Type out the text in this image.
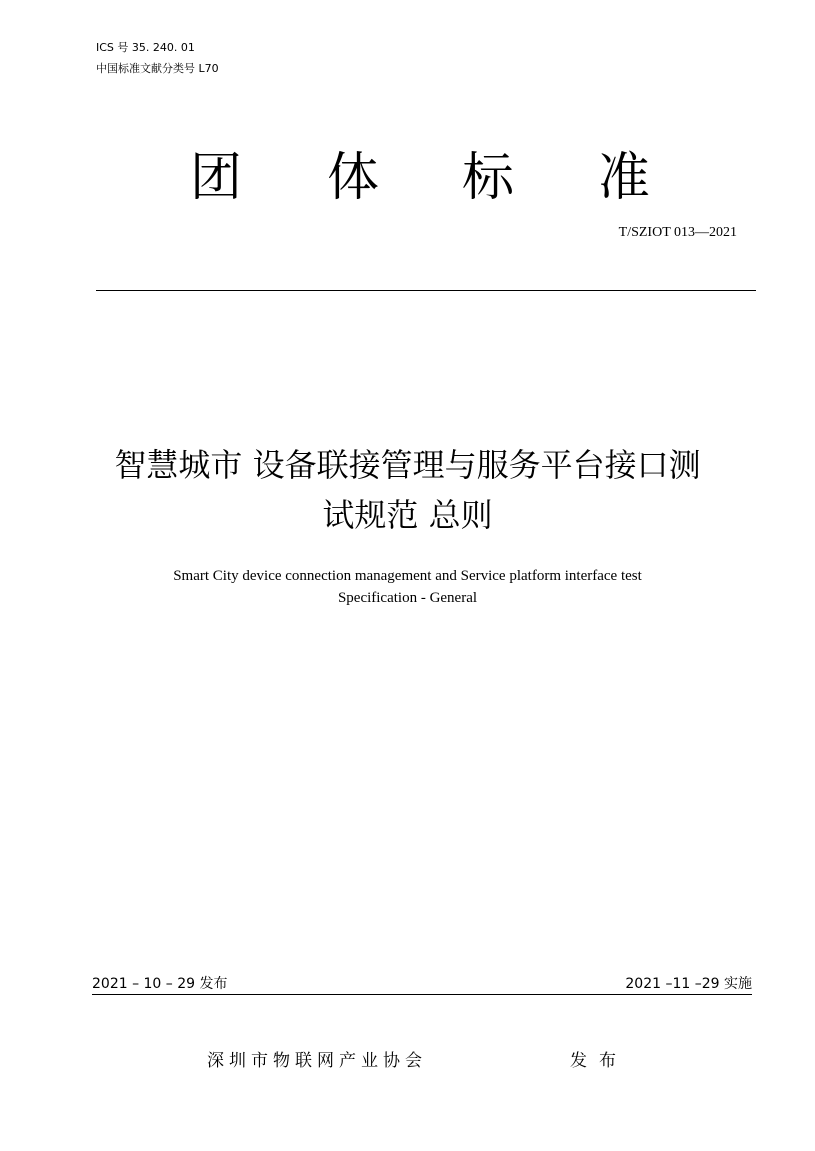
ICS 号 35. 240. 01
中国标准文献分类号 L70
团 体 标 准
T/SZIOT 013—2021
智慧城市 设备联接管理与服务平台接口测
试规范 总则
Smart City device connection management and Service platform interface test
Specification - General
2021 – 10 – 29 发布	2021 –11 –29 实施
深圳市物联网产业协会	发布
